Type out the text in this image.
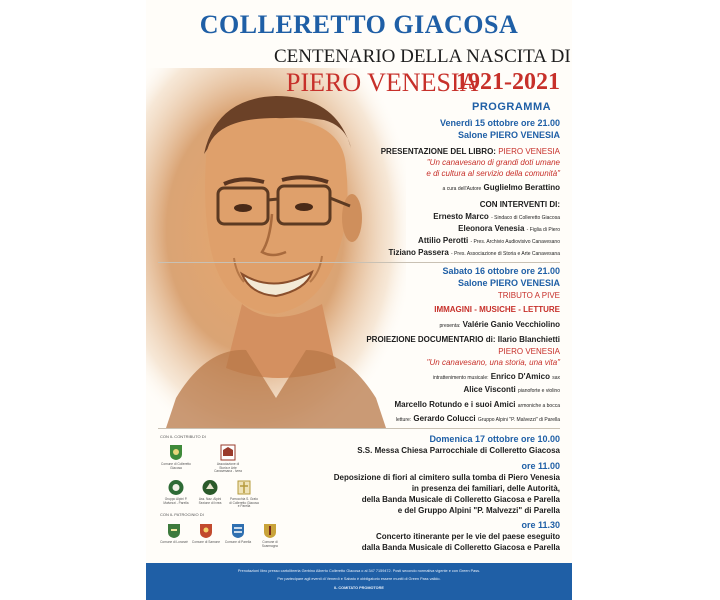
COLLERETTO GIACOSA
CENTENARIO DELLA NASCITA DI
PIERO VENESIA
1921-2021
PROGRAMMA
Venerdì 15 ottobre ore 21.00
Salone PIERO VENESIA
PRESENTAZIONE DEL LIBRO: PIERO VENESIA
"Un canavesano di grandi doti umane
e di cultura al servizio della comunità"
a cura dell'Autore Guglielmo Berattino
CON INTERVENTI DI:
Ernesto Marco - Sindaco di Colleretto Giacosa
Eleonora Venesia - Figlia di Piero
Attilio Perotti - Pres. Archivio Audiovisivo Canavesano
Tiziano Passera - Pres. Associazione di Storia e Arte Canavesana
Sabato 16 ottobre ore 21.00
Salone PIERO VENESIA
TRIBUTO A PIVE
IMMAGINI - MUSICHE - LETTURE
presenta: Valérie Ganio Vecchiolino
PROIEZIONE DOCUMENTARIO di: Ilario Blanchietti
PIERO VENESIA
"Un canavesano, una storia, una vita"
intrattenimento musicale: Enrico D'Amico sax
Alice Visconti pianoforte e violino
Marcello Rotundo e i suoi Amici armoniche a bocca
letture: Gerardo Colucci Gruppo Alpini "P. Malvezzi" di Parella
CON IL CONTRIBUTO DI
Comune di Colleretto Giacosa
Associazione di Storia e Arte Canavesana - Ivrea
Gruppo Alpini P. Malvezzi - Parella
Ass. Naz. Alpini Sezione di Ivrea
Parrocchia S. Grato di Colleretto Giacosa e Parella
CON IL PATROCINIO DI
Comune di Loranzè	Comune di Samone	Comune di Parella	Comune di Scarmagno
Domenica 17 ottobre ore 10.00
S.S. Messa Chiesa Parrocchiale di Colleretto Giacosa
ore 11.00
Deposizione di fiori al cimitero sulla tomba di Piero Venesia
in presenza dei familiari, delle Autorità,
della Banda Musicale di Colleretto Giacosa e Parella
e del Gruppo Alpini "P. Malvezzi" di Parella
ore 11.30
Concerto itinerante per le vie del paese eseguito
dalla Banda Musicale di Colleretto Giacosa e Parella
Prenotazioni libro presso cartolibreria Gerbino Alberto Colleretto Giacosa o al 347 7159472. Posti secondo normativa vigente e con Green Pass.
Per partecipare agli eventi di Venerdì e Sabato è obbligatorio essere muniti di Green Pass valido.
IL COMITATO PROMOTORE
